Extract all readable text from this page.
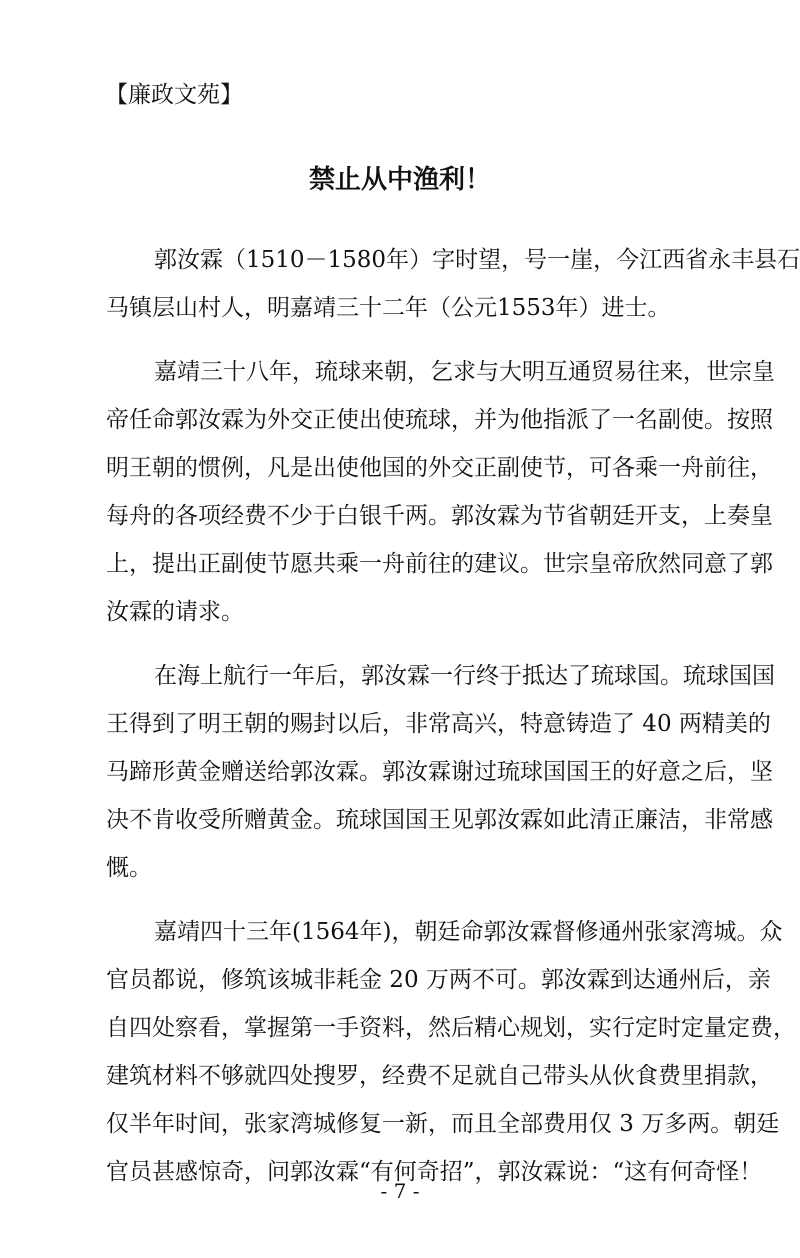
【廉政文苑】
禁止从中渔利！
郭汝霖（1510－1580年）字时望，号一崖，今江西省永丰县石
马镇层山村人，明嘉靖三十二年（公元1553年）进士。
嘉靖三十八年，琉球来朝，乞求与大明互通贸易往来，世宗皇
帝任命郭汝霖为外交正使出使琉球，并为他指派了一名副使。按照
明王朝的惯例，凡是出使他国的外交正副使节，可各乘一舟前往，
每舟的各项经费不少于白银千两。郭汝霖为节省朝廷开支，上奏皇
上，提出正副使节愿共乘一舟前往的建议。世宗皇帝欣然同意了郭
汝霖的请求。
在海上航行一年后，郭汝霖一行终于抵达了琉球国。琉球国国
王得到了明王朝的赐封以后，非常高兴，特意铸造了 40 两精美的
马蹄形黄金赠送给郭汝霖。郭汝霖谢过琉球国国王的好意之后，坚
决不肯收受所赠黄金。琉球国国王见郭汝霖如此清正廉洁，非常感
慨。
嘉靖四十三年(1564年)，朝廷命郭汝霖督修通州张家湾城。众
官员都说，修筑该城非耗金 20 万两不可。郭汝霖到达通州后，亲
自四处察看，掌握第一手资料，然后精心规划，实行定时定量定费，
建筑材料不够就四处搜罗，经费不足就自己带头从伙食费里捐款，
仅半年时间，张家湾城修复一新，而且全部费用仅 3 万多两。朝廷
官员甚感惊奇，问郭汝霖“有何奇招”，郭汝霖说：“这有何奇怪！
- 7 -
